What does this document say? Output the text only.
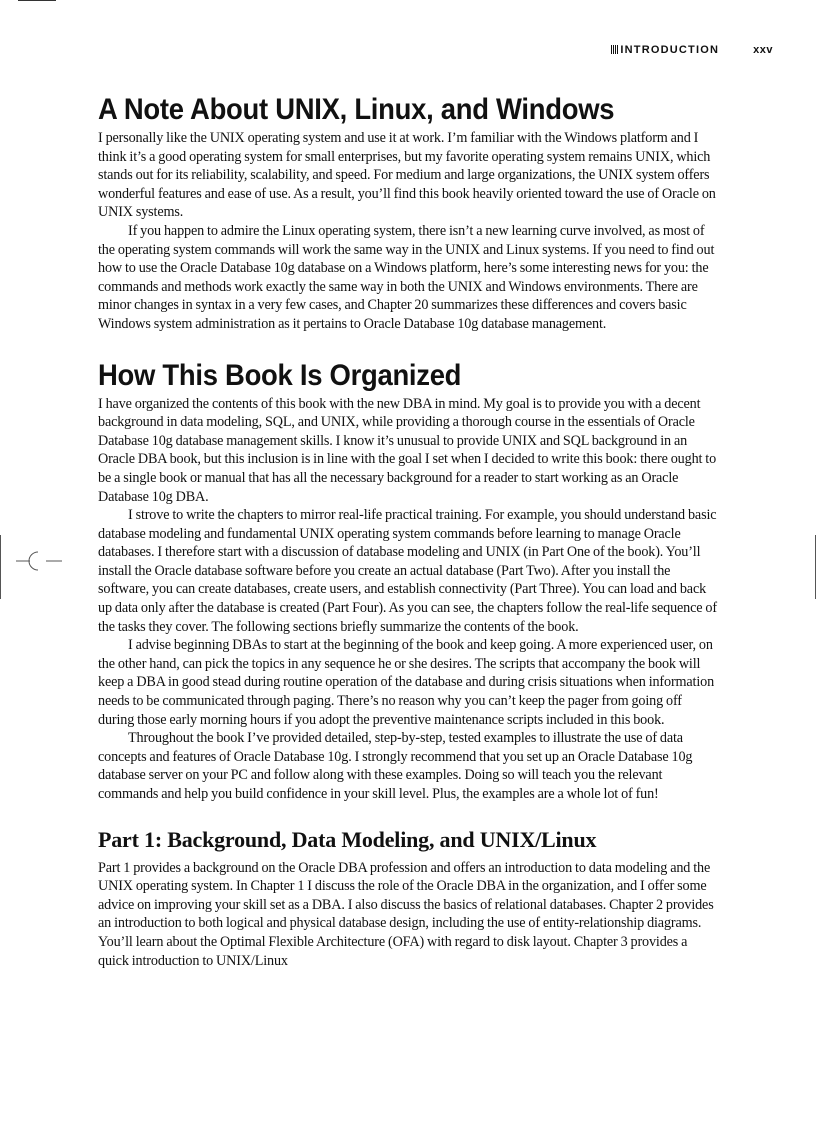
INTRODUCTION	xxv
A Note About UNIX, Linux, and Windows

I personally like the UNIX operating system and use it at work. I’m familiar with the Windows platform and I think it’s a good operating system for small enterprises, but my favorite operating system remains UNIX, which stands out for its reliability, scalability, and speed. For medium and large organizations, the UNIX system offers wonderful features and ease of use. As a result, you’ll find this book heavily oriented toward the use of Oracle on UNIX systems.

If you happen to admire the Linux operating system, there isn’t a new learning curve involved, as most of the operating system commands will work the same way in the UNIX and Linux systems. If you need to find out how to use the Oracle Database 10g database on a Windows platform, here’s some interesting news for you: the commands and methods work exactly the same way in both the UNIX and Windows environments. There are minor changes in syntax in a very few cases, and Chapter 20 summarizes these differences and covers basic Windows system administration as it pertains to Oracle Database 10g database management.

How This Book Is Organized

I have organized the contents of this book with the new DBA in mind. My goal is to provide you with a decent background in data modeling, SQL, and UNIX, while providing a thorough course in the essentials of Oracle Database 10g database management skills. I know it’s unusual to provide UNIX and SQL background in an Oracle DBA book, but this inclusion is in line with the goal I set when I decided to write this book: there ought to be a single book or manual that has all the necessary background for a reader to start working as an Oracle Database 10g DBA.

I strove to write the chapters to mirror real-life practical training. For example, you should understand basic database modeling and fundamental UNIX operating system commands before learning to manage Oracle databases. I therefore start with a discussion of database modeling and UNIX (in Part One of the book). You’ll install the Oracle database software before you create an actual database (Part Two). After you install the software, you can create databases, create users, and establish connectivity (Part Three). You can load and back up data only after the database is created (Part Four). As you can see, the chapters follow the real-life sequence of the tasks they cover. The following sections briefly summarize the contents of the book.

I advise beginning DBAs to start at the beginning of the book and keep going. A more experienced user, on the other hand, can pick the topics in any sequence he or she desires. The scripts that accompany the book will keep a DBA in good stead during routine operation of the database and during crisis situations when information needs to be communicated through paging. There’s no reason why you can’t keep the pager from going off during those early morning hours if you adopt the preventive maintenance scripts included in this book.

Throughout the book I’ve provided detailed, step-by-step, tested examples to illustrate the use of data concepts and features of Oracle Database 10g. I strongly recommend that you set up an Oracle Database 10g database server on your PC and follow along with these examples. Doing so will teach you the relevant commands and help you build confidence in your skill level. Plus, the examples are a whole lot of fun!

Part 1: Background, Data Modeling, and UNIX/Linux

Part 1 provides a background on the Oracle DBA profession and offers an introduction to data modeling and the UNIX operating system. In Chapter 1 I discuss the role of the Oracle DBA in the organization, and I offer some advice on improving your skill set as a DBA. I also discuss the basics of relational databases. Chapter 2 provides an introduction to both logical and physical database design, including the use of entity-relationship diagrams. You’ll learn about the Optimal Flexible Architecture (OFA) with regard to disk layout. Chapter 3 provides a quick introduction to UNIX/Linux
